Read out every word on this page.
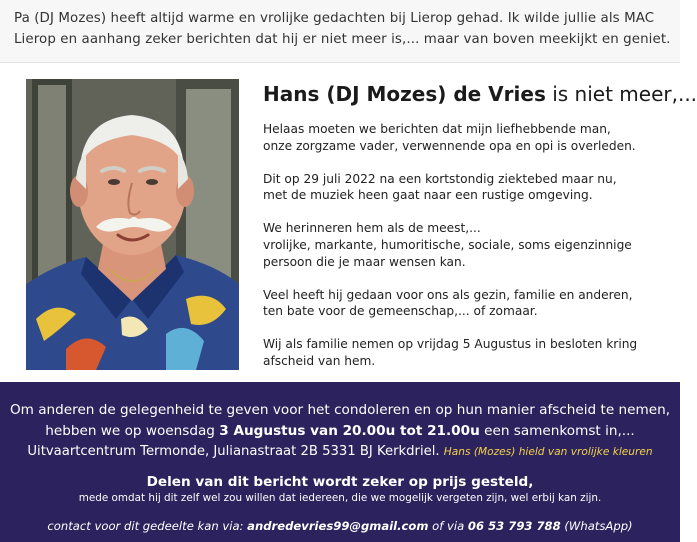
Pa (DJ Mozes) heeft altijd warme en vrolijke gedachten bij Lierop gehad. Ik wilde jullie als MAC

Lierop en aanhang zeker berichten dat hij er niet meer is,... maar van boven meekijkt en geniet.

Hans (DJ Mozes) de Vries is niet meer,...
Helaas moeten we berichten dat mijn liefhebbende man,
onze zorgzame vader, verwennende opa en opi is overleden.
Dit op 29 juli 2022 na een kortstondig ziektebed maar nu,
met de muziek heen gaat naar een rustige omgeving.
We herinneren hem als de meest,...
vrolijke, markante, humoritische, sociale, soms eigenzinnige
persoon die je maar wensen kan.
Veel heeft hij gedaan voor ons als gezin, familie en anderen,
ten bate voor de gemeenschap,... of zomaar.
Wij als familie nemen op vrijdag 5 Augustus in besloten kring
afscheid van hem.
Om anderen de gelegenheid te geven voor het condoleren en op hun manier afscheid te nemen,
hebben we op woensdag 3 Augustus van 20.00u tot 21.00u een samenkomst in,...
Uitvaartcentrum Termonde, Julianastraat 2B 5331 BJ Kerkdriel. Hans (Mozes) hield van vrolijke kleuren
Delen van dit bericht wordt zeker op prijs gesteld,
mede omdat hij dit zelf wel zou willen dat iedereen, die we mogelijk vergeten zijn, wel erbij kan zijn.
contact voor dit gedeelte kan via: andredevries99@gmail.com of via 06 53 793 788 (WhatsApp)
